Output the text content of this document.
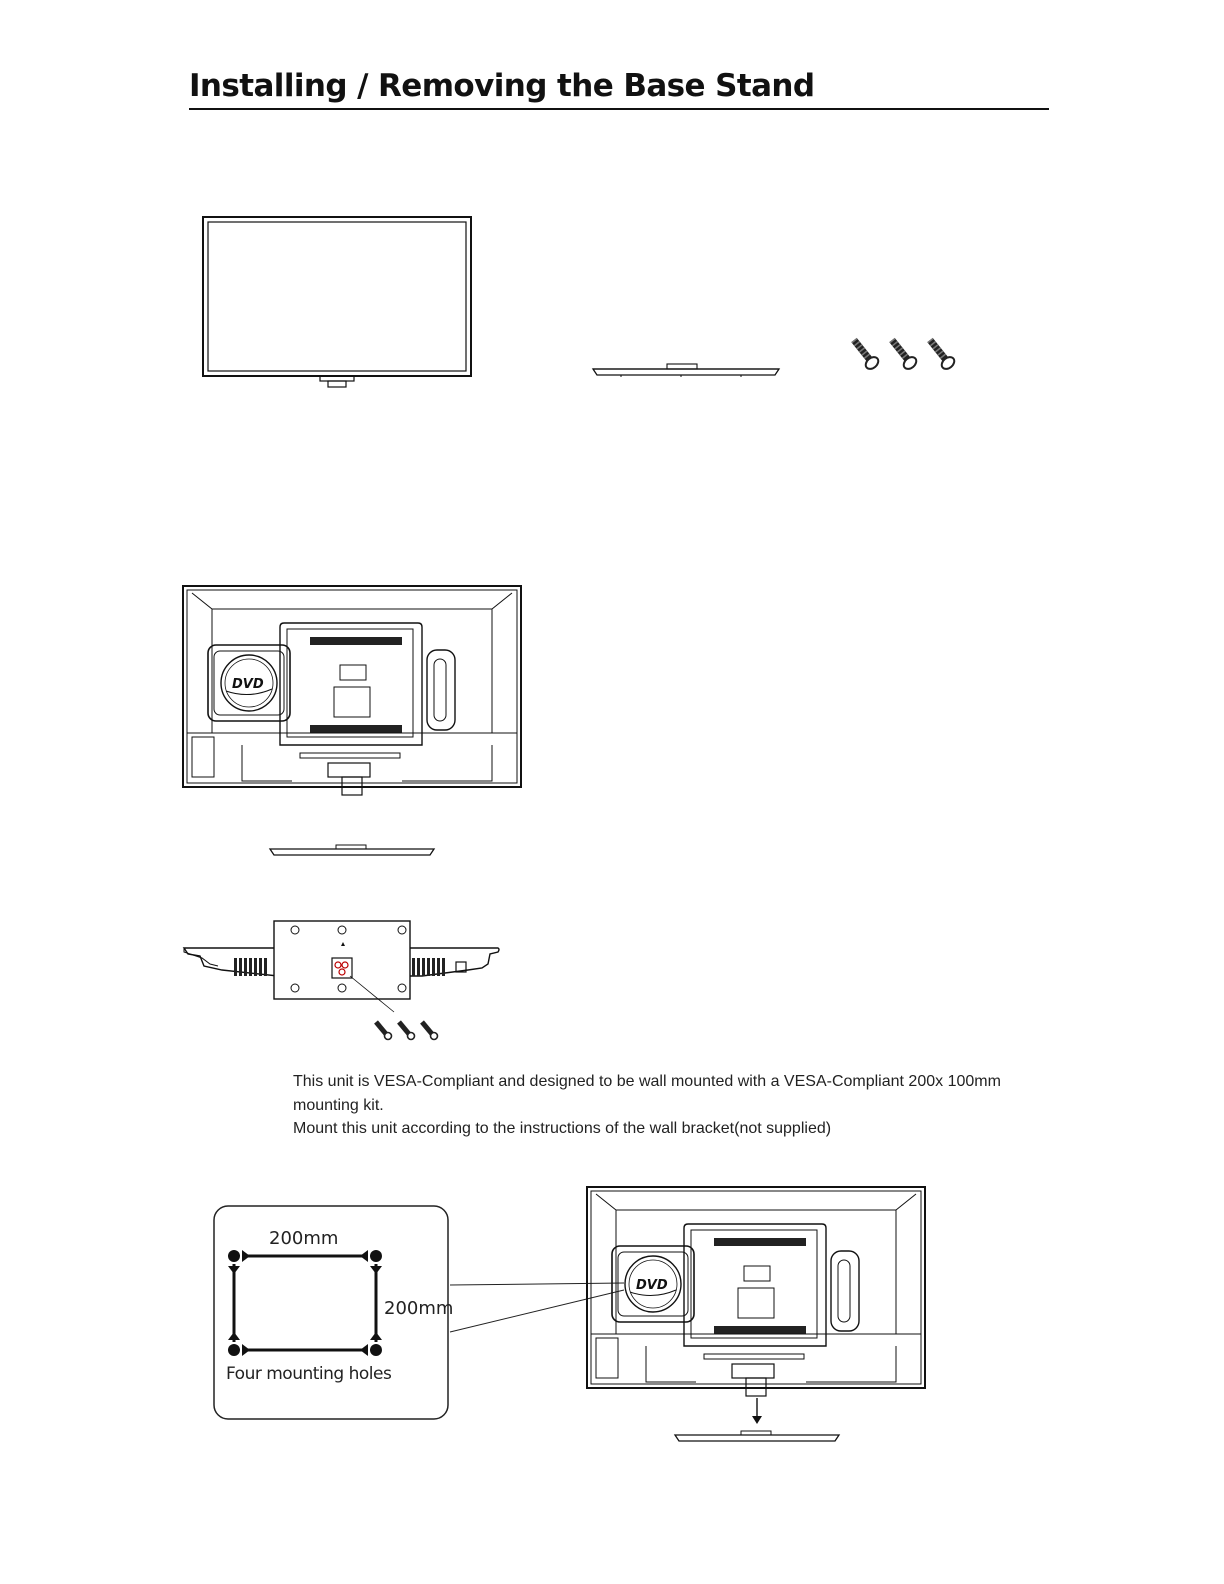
Installing / Removing the Base Stand
DVD

This unit is VESA-Compliant and designed to be wall mounted with a VESA-Compliant 200x 100mm mounting kit.

Mount this unit according to the instructions of the wall bracket(not supplied)

200mm
200mm
Four mounting holes
